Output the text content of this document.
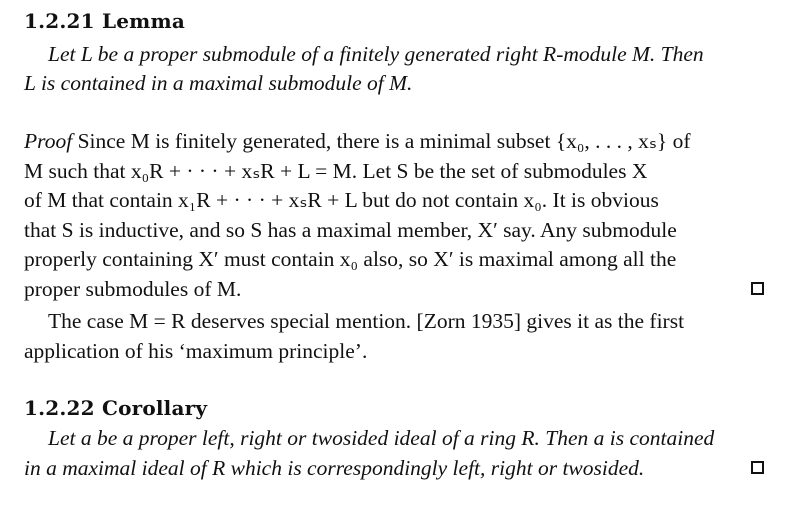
1.2.21 Lemma
Let L be a proper submodule of a finitely generated right R-module M. Then
L is contained in a maximal submodule of M.
Proof Since M is finitely generated, there is a minimal subset {x₀, . . . , xₛ} of
M such that x₀R + · · · + xₛR + L = M. Let S be the set of submodules X
of M that contain x₁R + · · · + xₛR + L but do not contain x₀. It is obvious
that S is inductive, and so S has a maximal member, X′ say. Any submodule
properly containing X′ must contain x₀ also, so X′ is maximal among all the
proper submodules of M.
The case M = R deserves special mention. [Zorn 1935] gives it as the first
application of his ‘maximum principle’.
1.2.22 Corollary
Let a be a proper left, right or twosided ideal of a ring R. Then a is contained
in a maximal ideal of R which is correspondingly left, right or twosided.
